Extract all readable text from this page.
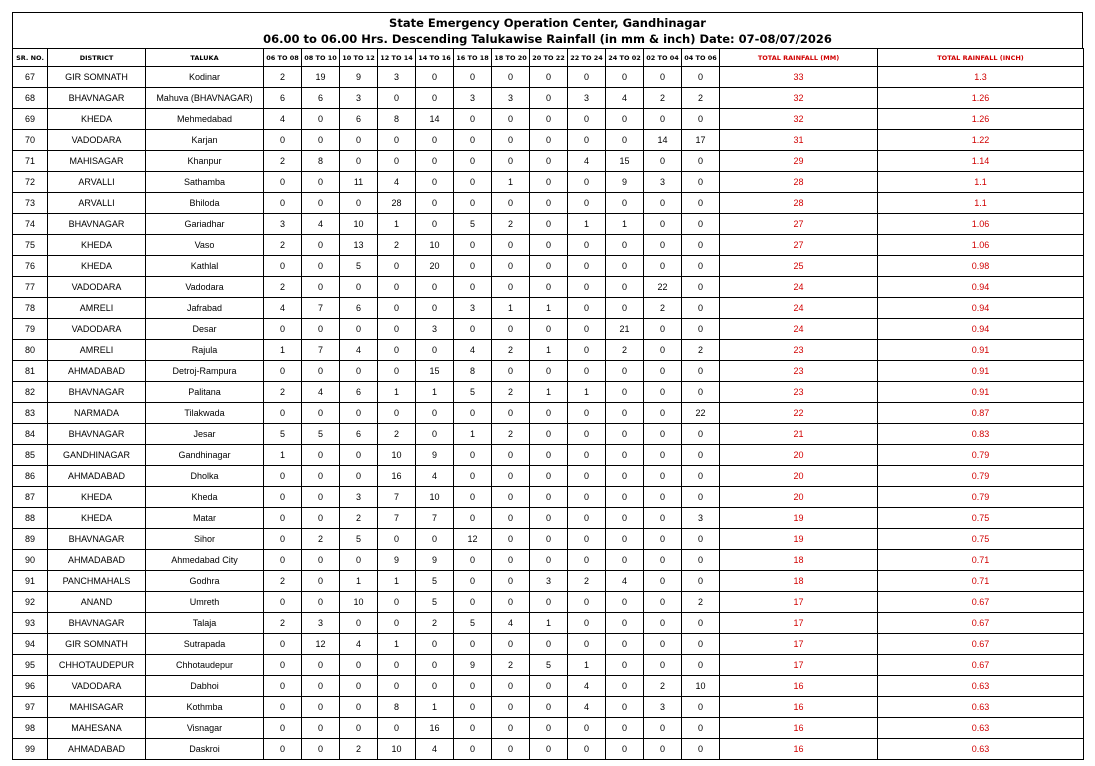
State Emergency Operation Center, Gandhinagar
06.00 to 06.00 Hrs. Descending Talukawise Rainfall (in mm & inch) Date: 07-08/07/2026
SR. NO.	DISTRICT	TALUKA	06 TO 08	08 TO 10	10 TO 12	12 TO 14	14 TO 16	16 TO 18	18 TO 20	20 TO 22	22 TO 24	24 TO 02	02 TO 04	04 TO 06	TOTAL RAINFALL (MM)	TOTAL RAINFALL (INCH)
67	GIR SOMNATH	Kodinar	2	19	9	3	0	0	0	0	0	0	0	0	33	1.3
68	BHAVNAGAR	Mahuva (BHAVNAGAR)	6	6	3	0	0	3	3	0	3	4	2	2	32	1.26
69	KHEDA	Mehmedabad	4	0	6	8	14	0	0	0	0	0	0	0	32	1.26
70	VADODARA	Karjan	0	0	0	0	0	0	0	0	0	0	14	17	31	1.22
71	MAHISAGAR	Khanpur	2	8	0	0	0	0	0	0	4	15	0	0	29	1.14
72	ARVALLI	Sathamba	0	0	11	4	0	0	1	0	0	9	3	0	28	1.1
73	ARVALLI	Bhiloda	0	0	0	28	0	0	0	0	0	0	0	0	28	1.1
74	BHAVNAGAR	Gariadhar	3	4	10	1	0	5	2	0	1	1	0	0	27	1.06
75	KHEDA	Vaso	2	0	13	2	10	0	0	0	0	0	0	0	27	1.06
76	KHEDA	Kathlal	0	0	5	0	20	0	0	0	0	0	0	0	25	0.98
77	VADODARA	Vadodara	2	0	0	0	0	0	0	0	0	0	22	0	24	0.94
78	AMRELI	Jafrabad	4	7	6	0	0	3	1	1	0	0	2	0	24	0.94
79	VADODARA	Desar	0	0	0	0	3	0	0	0	0	21	0	0	24	0.94
80	AMRELI	Rajula	1	7	4	0	0	4	2	1	0	2	0	2	23	0.91
81	AHMADABAD	Detroj-Rampura	0	0	0	0	15	8	0	0	0	0	0	0	23	0.91
82	BHAVNAGAR	Palitana	2	4	6	1	1	5	2	1	1	0	0	0	23	0.91
83	NARMADA	Tilakwada	0	0	0	0	0	0	0	0	0	0	0	22	22	0.87
84	BHAVNAGAR	Jesar	5	5	6	2	0	1	2	0	0	0	0	0	21	0.83
85	GANDHINAGAR	Gandhinagar	1	0	0	10	9	0	0	0	0	0	0	0	20	0.79
86	AHMADABAD	Dholka	0	0	0	16	4	0	0	0	0	0	0	0	20	0.79
87	KHEDA	Kheda	0	0	3	7	10	0	0	0	0	0	0	0	20	0.79
88	KHEDA	Matar	0	0	2	7	7	0	0	0	0	0	0	3	19	0.75
89	BHAVNAGAR	Sihor	0	2	5	0	0	12	0	0	0	0	0	0	19	0.75
90	AHMADABAD	Ahmedabad City	0	0	0	9	9	0	0	0	0	0	0	0	18	0.71
91	PANCHMAHALS	Godhra	2	0	1	1	5	0	0	3	2	4	0	0	18	0.71
92	ANAND	Umreth	0	0	10	0	5	0	0	0	0	0	0	2	17	0.67
93	BHAVNAGAR	Talaja	2	3	0	0	2	5	4	1	0	0	0	0	17	0.67
94	GIR SOMNATH	Sutrapada	0	12	4	1	0	0	0	0	0	0	0	0	17	0.67
95	CHHOTAUDEPUR	Chhotaudepur	0	0	0	0	0	9	2	5	1	0	0	0	17	0.67
96	VADODARA	Dabhoi	0	0	0	0	0	0	0	0	4	0	2	10	16	0.63
97	MAHISAGAR	Kothmba	0	0	0	8	1	0	0	0	4	0	3	0	16	0.63
98	MAHESANA	Visnagar	0	0	0	0	16	0	0	0	0	0	0	0	16	0.63
99	AHMADABAD	Daskroi	0	0	2	10	4	0	0	0	0	0	0	0	16	0.63
